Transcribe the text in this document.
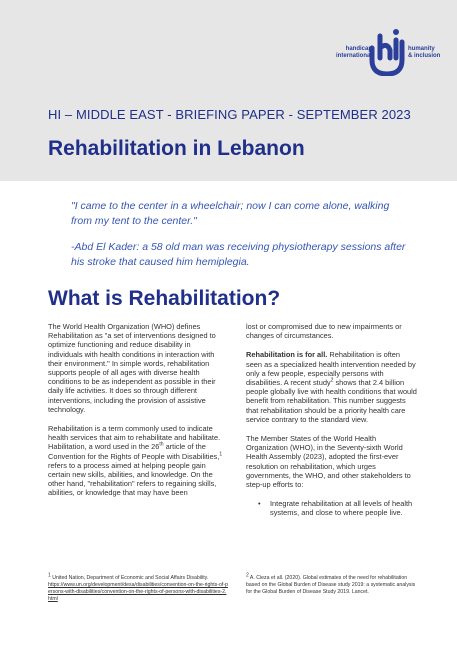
handicap
international
humanity
& inclusion
HI – MIDDLE EAST - BRIEFING PAPER - SEPTEMBER 2023
Rehabilitation in Lebanon
"I came to the center in a wheelchair; now I can come alone, walking from my tent to the center."
-Abd El Kader: a 58 old man was receiving physiotherapy sessions after his stroke that caused him hemiplegia.
What is Rehabilitation?

The World Health Organization (WHO) defines Rehabilitation as "a set of interventions designed to optimize functioning and reduce disability in individuals with health conditions in interaction with their environment." In simple words, rehabilitation supports people of all ages with diverse health conditions to be as independent as possible in their daily life activities. It does so through different interventions, including the provision of assistive technology.

Rehabilitation is a term commonly used to indicate health services that aim to rehabilitate and habilitate. Habilitation, a word used in the 26th article of the Convention for the Rights of People with Disabilities,$^1$ refers to a process aimed at helping people gain certain new skills, abilities, and knowledge. On the other hand, "rehabilitation" refers to regaining skills, abilities, or knowledge that may have been

lost or compromised due to new impairments or changes of circumstances.

Rehabilitation is for all. Rehabilitation is often seen as a specialized health intervention needed by only a few people, especially persons with disabilities. A recent study$^2$ shows that 2.4 billion people globally live with health conditions that would benefit from rehabilitation. This number suggests that rehabilitation should be a priority health care service contrary to the standard view.

The Member States of the World Health Organization (WHO), in the Seventy-sixth World Health Assembly (2023), adopted the first-ever resolution on rehabilitation, which urges governments, the WHO, and other stakeholders to step-up efforts to:

• Integrate rehabilitation at all levels of health systems, and close to where people live.

$^1$ United Nation, Department of Economic and Social Affairs Disability.
https://www.un.org/development/desa/disabilities/convention-on-the-rights-of-persons-with-disabilities/convention-on-the-rights-of-persons-with-disabilities-2.html
$^2$ A. Cieza et all. (2020). Global estimates of the need for rehabilitation based on the Global Burden of Disease study 2019: a systematic analysis for the Global Burden of Disease Study 2019. Lancet.
